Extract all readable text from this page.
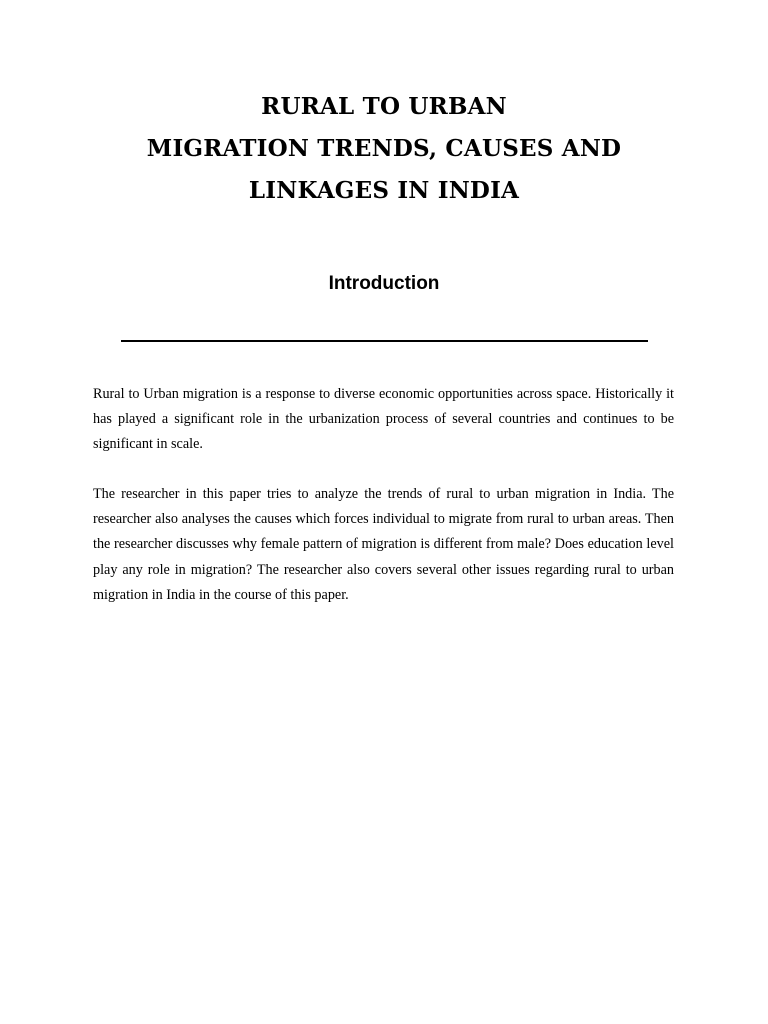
RURAL TO URBAN
MIGRATION TRENDS, CAUSES AND
LINKAGES IN INDIA
Introduction

Rural to Urban migration is a response to diverse economic opportunities across space. Historically it has played a significant role in the urbanization process of several countries and continues to be significant in scale.

The researcher in this paper tries to analyze the trends of rural to urban migration in India. The researcher also analyses the causes which forces individual to migrate from rural to urban areas. Then the researcher discusses why female pattern of migration is different from male? Does education level play any role in migration? The researcher also covers several other issues regarding rural to urban migration in India in the course of this paper.
